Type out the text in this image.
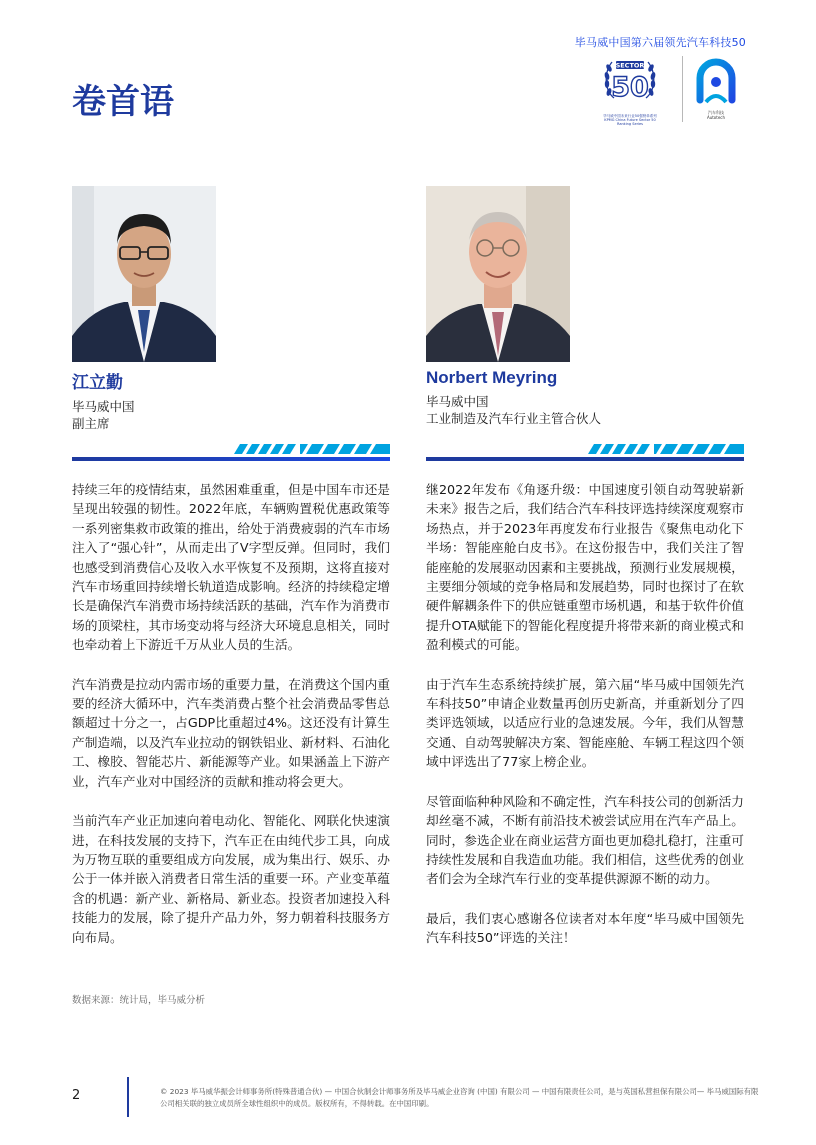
毕马威中国第六届领先汽车科技50
卷首语
SECTOR
50
毕马威中国未来行业50强榜单系列
KPMG China Future Sector 50 Ranking Series
汽车科技
Autotech
江立勤
毕马威中国
副主席
Norbert Meyring
毕马威中国
工业制造及汽车行业主管合伙人

持续三年的疫情结束，虽然困难重重，但是中国车市还是呈现出较强的韧性。2022年底，车辆购置税优惠政策等一系列密集救市政策的推出，给处于消费疲弱的汽车市场注入了“强心针”，从而走出了V字型反弹。但同时，我们也感受到消费信心及收入水平恢复不及预期，这将直接对汽车市场重回持续增长轨道造成影响。经济的持续稳定增长是确保汽车消费市场持续活跃的基础，汽车作为消费市场的顶梁柱，其市场变动将与经济大环境息息相关，同时也牵动着上下游近千万从业人员的生活。

汽车消费是拉动内需市场的重要力量，在消费这个国内重要的经济大循环中，汽车类消费占整个社会消费品零售总额超过十分之一，占GDP比重超过4%。这还没有计算生产制造端，以及汽车业拉动的钢铁铝业、新材料、石油化工、橡胶、智能芯片、新能源等产业。如果涵盖上下游产业，汽车产业对中国经济的贡献和推动将会更大。

当前汽车产业正加速向着电动化、智能化、网联化快速演进，在科技发展的支持下，汽车正在由纯代步工具，向成为万物互联的重要组成方向发展，成为集出行、娱乐、办公于一体并嵌入消费者日常生活的重要一环。产业变革蕴含的机遇：新产业、新格局、新业态。投资者加速投入科技能力的发展，除了提升产品力外，努力朝着科技服务方向布局。

继2022年发布《角逐升级：中国速度引领自动驾驶崭新未来》报告之后，我们结合汽车科技评选持续深度观察市场热点，并于2023年再度发布行业报告《聚焦电动化下半场：智能座舱白皮书》。在这份报告中，我们关注了智能座舱的发展驱动因素和主要挑战，预测行业发展规模，主要细分领域的竞争格局和发展趋势，同时也探讨了在软硬件解耦条件下的供应链重塑市场机遇，和基于软件价值提升OTA赋能下的智能化程度提升将带来新的商业模式和盈利模式的可能。

由于汽车生态系统持续扩展，第六届“毕马威中国领先汽车科技50”申请企业数量再创历史新高，并重新划分了四类评选领域，以适应行业的急速发展。今年，我们从智慧交通、自动驾驶解决方案、智能座舱、车辆工程这四个领域中评选出了77家上榜企业。

尽管面临种种风险和不确定性，汽车科技公司的创新活力却丝毫不减，不断有前沿技术被尝试应用在汽车产品上。同时，参选企业在商业运营方面也更加稳扎稳打，注重可持续性发展和自我造血功能。我们相信，这些优秀的创业者们会为全球汽车行业的变革提供源源不断的动力。

最后，我们衷心感谢各位读者对本年度“毕马威中国领先汽车科技50”评选的关注！

数据来源：统计局，毕马威分析
2	© 2023 毕马威华振会计师事务所(特殊普通合伙) — 中国合伙制会计师事务所及毕马威企业咨询 (中国) 有限公司 — 中国有限责任公司，是与英国私营担保有限公司— 毕马威国际有限公司相关联的独立成员所全球性组织中的成员。版权所有，不得转载。在中国印刷。
